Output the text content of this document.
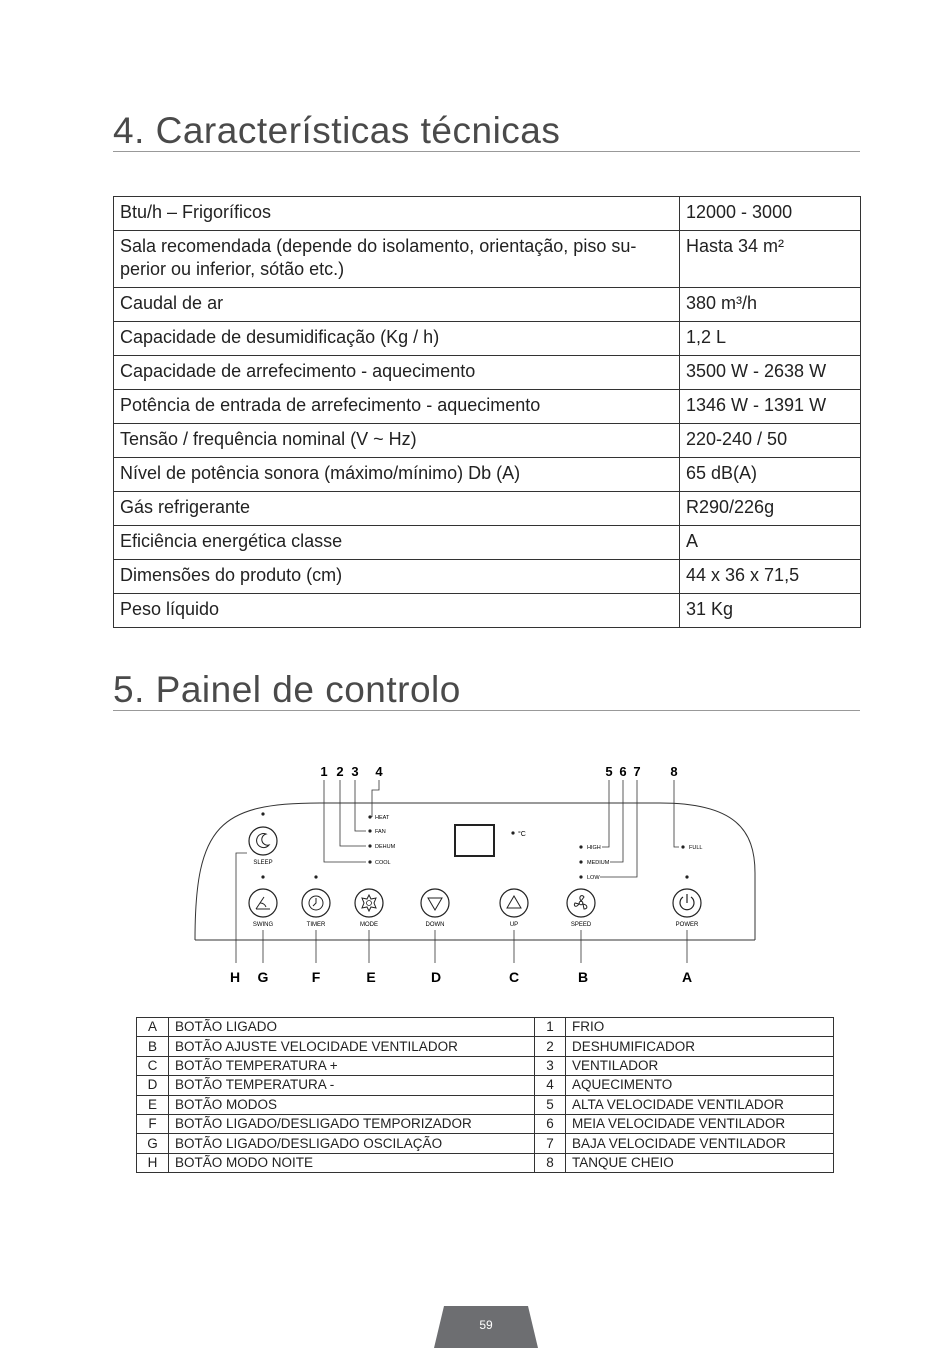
4. Características técnicas
Btu/h – Frigoríficos	12000 - 3000
Sala recomendada (depende do isolamento, orientação, piso su-perior ou inferior, sótão etc.)	Hasta 34 m²
Caudal de ar	380 m³/h
Capacidade de desumidificação (Kg / h)	1,2 L
Capacidade de arrefecimento - aquecimento	3500 W - 2638 W
Potência de entrada de arrefecimento - aquecimento	1346 W - 1391 W
Tensão / frequência nominal (V ~ Hz)	220-240 / 50
Nível de potência sonora (máximo/mínimo) Db (A)	65 dB(A)
Gás refrigerante	R290/226g
Eficiência energética classe	A
Dimensões do produto (cm)	44 x 36 x 71,5
Peso líquido	31 Kg
5. Painel de controlo
1 2 3 4	5 6 7 8
HEAT
FAN
DEHUM
COOL
°C
HIGH
MEDIUM
LOW
FULL
SLEEP
SWING	TIMER	MODE	DOWN	UP	SPEED	POWER
H G	F	E	D	C	B	A
A	BOTÃO LIGADO	1	FRIO
B	BOTÃO AJUSTE VELOCIDADE VENTILADOR	2	DESHUMIFICADOR
C	BOTÃO TEMPERATURA +	3	VENTILADOR
D	BOTÃO TEMPERATURA -	4	AQUECIMENTO
E	BOTÃO MODOS	5	ALTA VELOCIDADE VENTILADOR
F	BOTÃO LIGADO/DESLIGADO TEMPORIZADOR	6	MEIA VELOCIDADE VENTILADOR
G	BOTÃO LIGADO/DESLIGADO OSCILAÇÃO	7	BAJA VELOCIDADE VENTILADOR
H	BOTÃO MODO NOITE	8	TANQUE CHEIO
59
